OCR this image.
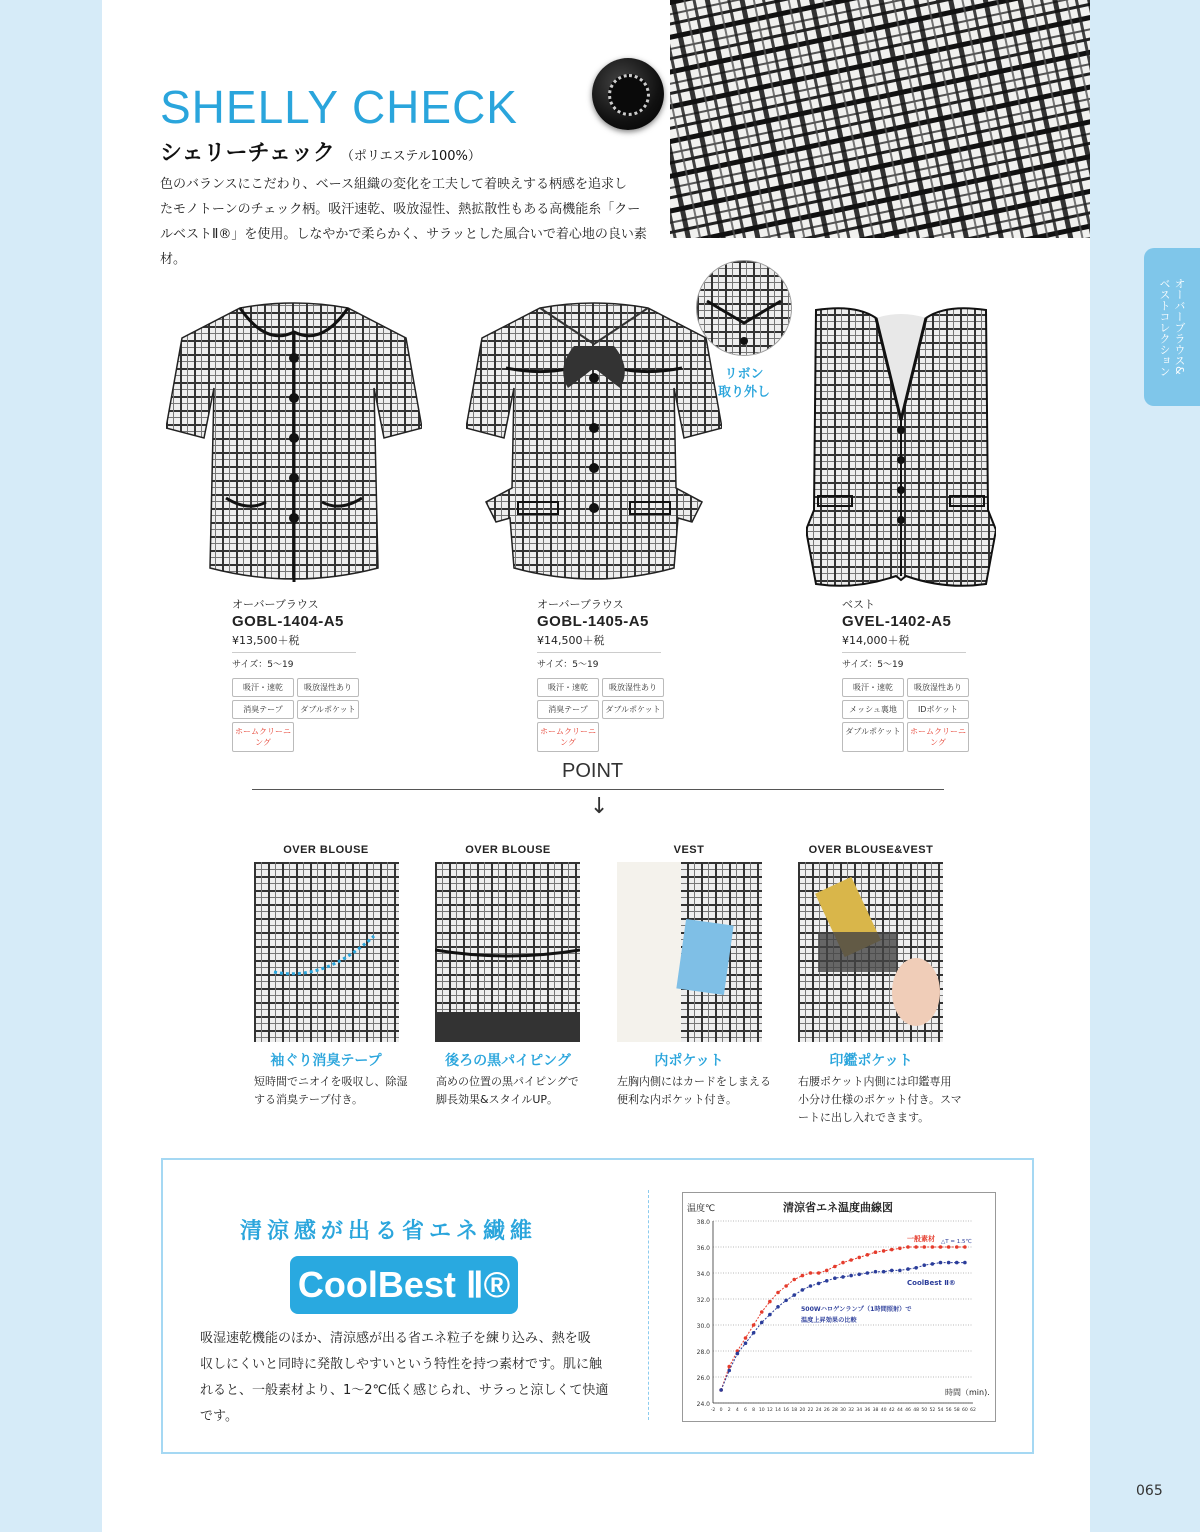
オーバーブラウス&
ベストコレクション
SHELLY CHECK
シェリーチェック （ポリエステル100%）
色のバランスにこだわり、ベース組織の変化を工夫して着映えする柄感を追求し
たモノトーンのチェック柄。吸汗速乾、吸放湿性、熱拡散性もある高機能糸「クー
ルベストⅡ®」を使用。しなやかで柔らかく、サラッとした風合いで着心地の良い素材。
リボン
取り外し
オーバーブラウス
GOBL-1404-A5
¥13,500＋税
サイズ：5～19
吸汗・速乾	吸放湿性あり
消臭テープ	ダブルポケット
ホームクリーニング
オーバーブラウス
GOBL-1405-A5
¥14,500＋税
サイズ：5～19
吸汗・速乾	吸放湿性あり
消臭テープ	ダブルポケット
ホームクリーニング
ベスト
GVEL-1402-A5
¥14,000＋税
サイズ：5～19
吸汗・速乾	吸放湿性あり
メッシュ裏地	IDポケット
ダブルポケット	ホームクリーニング
POINT
↓
OVER BLOUSE	OVER BLOUSE	VEST	OVER BLOUSE&VEST
袖ぐり消臭テープ	後ろの黒パイピング	内ポケット	印鑑ポケット
短時間でニオイを吸収し、除湿
する消臭テープ付き。
高めの位置の黒パイピングで
脚長効果&スタイルUP。
左胸内側にはカードをしまえる
便利な内ポケット付き。
右腰ポケット内側には印鑑専用
小分け仕様のポケット付き。スマ
ートに出し入れできます。
清涼感が出る省エネ繊維
CoolBest Ⅱ®
吸湿速乾機能のほか、清涼感が出る省エネ粒子を練り込み、熱を吸
収しにくいと同時に発散しやすいという特性を持つ素材です。肌に触
れると、一般素材より、1～2℃低く感じられ、サラっと涼しくて快適です。
清涼省エネ温度曲線図
温度℃
時間（min).
24.0
26.0
28.0
30.0
32.0
34.0
36.0
38.0
-2 0 2 4 6 8 10 12 14 16 18 20 22 24 26 28 30 32 34 36 38 40 42 44 46 48 50 52 54 56 58 60 62
一般素材
CoolBest Ⅱ®
△T = 1.5℃
500Wハロゲンランプ（1時間照射）で
温度上昇効果の比較
065
